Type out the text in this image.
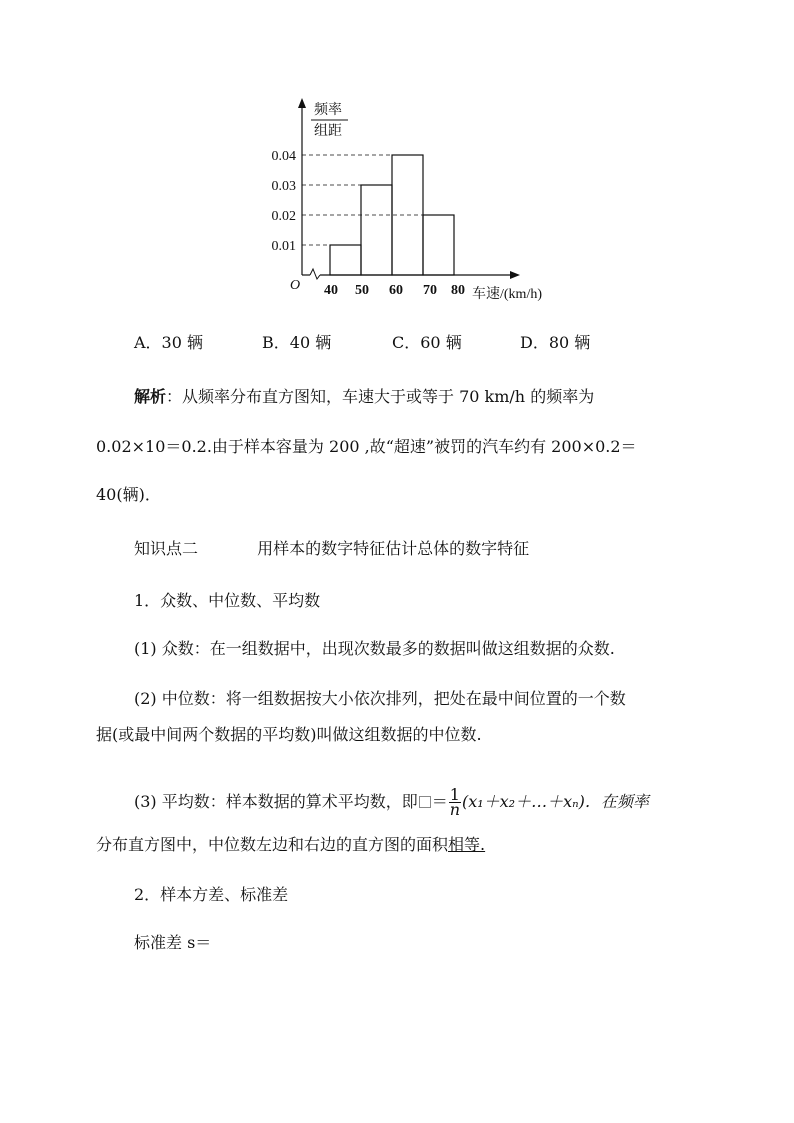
频率
组距
O
0.01
0.02
0.03
0.04
40 50 60 70 80 车速/(km/h)
A．30 辆	B．40 辆	C．60 辆	D．80 辆
解析：从频率分布直方图知，车速大于或等于 70 km/h 的频率为
0.02×10＝0.2.由于样本容量为 200 ,故“超速”被罚的汽车约有 200×0.2＝
40(辆)．
知识点二	用样本的数字特征估计总体的数字特征
1．众数、中位数、平均数
(1) 众数：在一组数据中，出现次数最多的数据叫做这组数据的众数.
(2) 中位数：将一组数据按大小依次排列，把处在最中间位置的一个数
据(或最中间两个数据的平均数)叫做这组数据的中位数.
(3) 平均数：样本数据的算术平均数，即 ＝ $\frac{1}{n}$ (x₁＋x₂＋…＋xₙ)．在频率
分布直方图中，中位数左边和右边的直方图的面积相等.
2．样本方差、标准差
标准差 s＝
